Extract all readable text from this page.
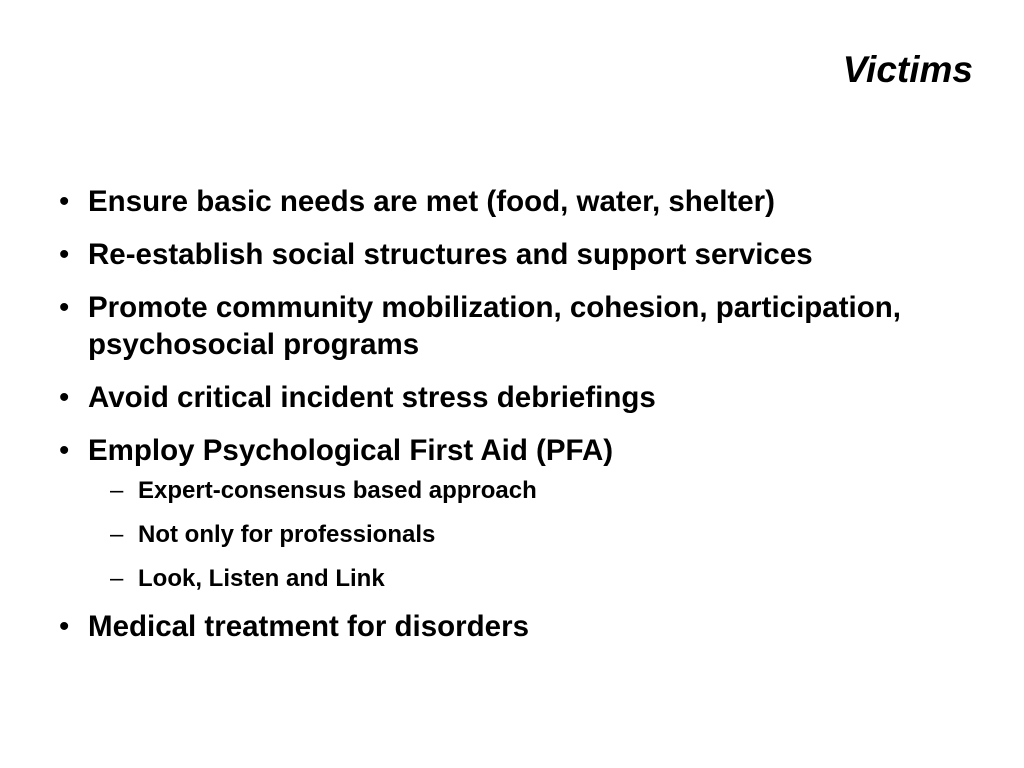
Victims
• Ensure basic needs are met (food, water, shelter)
• Re-establish social structures and support services
• Promote community mobilization, cohesion, participation, psychosocial programs
• Avoid critical incident stress debriefings
• Employ Psychological First Aid (PFA)
– Expert-consensus based approach
– Not only for professionals
– Look, Listen and Link
• Medical treatment for disorders
